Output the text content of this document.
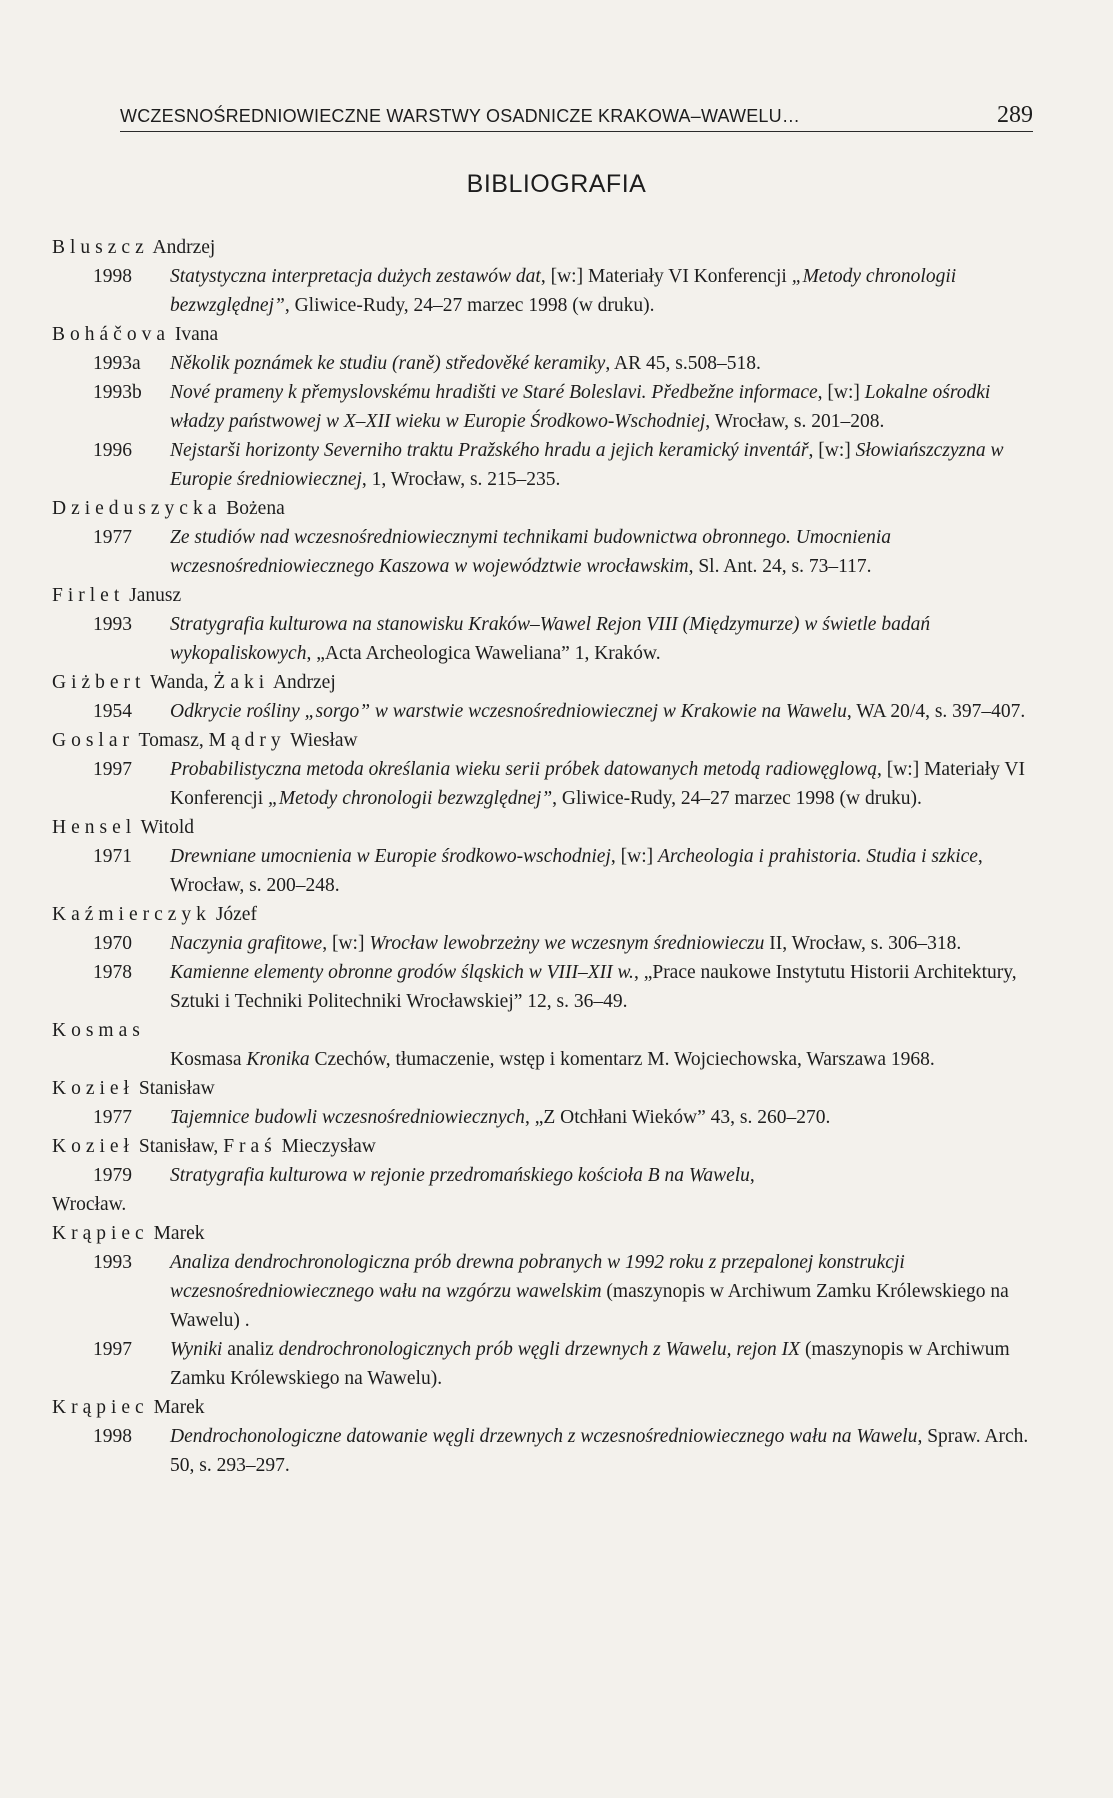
WCZESNOŚREDNIOWIECZNE WARSTWY OSADNICZE KRAKOWA–WAWELU…	289
BIBLIOGRAFIA
Bluszcz Andrzej
1998	Statystyczna interpretacja dużych zestawów dat, [w:] Materiały VI Konferencji „Metody chronologii bezwzględnej”, Gliwice-Rudy, 24–27 marzec 1998 (w druku).
Boháčova Ivana
1993a	Několik poznámek ke studiu (raně) středověké keramiky, AR 45, s.508–518.
1993b	Nové prameny k přemyslovskému hradišti ve Staré Boleslavi. Předbežne informace, [w:] Lokalne ośrodki władzy państwowej w X–XII wieku w Europie Środkowo-Wschodniej, Wrocław, s. 201–208.
1996	Nejstarši horizonty Severniho traktu Pražského hradu a jejich keramický inventář, [w:] Słowiańszczyzna w Europie średniowiecznej, 1, Wrocław, s. 215–235.
Dzieduszycka Bożena
1977	Ze studiów nad wczesnośredniowiecznymi technikami budownictwa obronnego. Umocnienia wczesnośredniowiecznego Kaszowa w województwie wrocławskim, Sl. Ant. 24, s. 73–117.
Firlet Janusz
1993	Stratygrafia kulturowa na stanowisku Kraków–Wawel Rejon VIII (Międzymurze) w świetle badań wykopaliskowych, „Acta Archeologica Waweliana” 1, Kraków.
Giżbert Wanda, Żaki Andrzej
1954	Odkrycie rośliny „sorgo” w warstwie wczesnośredniowiecznej w Krakowie na Wawelu, WA 20/4, s. 397–407.
Goslar Tomasz, Mądry Wiesław
1997	Probabilistyczna metoda określania wieku serii próbek datowanych metodą radiowęglową, [w:] Materiały VI Konferencji „Metody chronologii bezwzględnej”, Gliwice-Rudy, 24–27 marzec 1998 (w druku).
Hensel Witold
1971	Drewniane umocnienia w Europie środkowo-wschodniej, [w:] Archeologia i prahistoria. Studia i szkice, Wrocław, s. 200–248.
Kaźmierczyk Józef
1970	Naczynia grafitowe, [w:] Wrocław lewobrzeżny we wczesnym średniowieczu II, Wrocław, s. 306–318.
1978	Kamienne elementy obronne grodów śląskich w VIII–XII w., „Prace naukowe Instytutu Historii Architektury, Sztuki i Techniki Politechniki Wrocławskiej” 12, s. 36–49.
Kosmas
Kosmasa Kronika Czechów, tłumaczenie, wstęp i komentarz M. Wojciechowska, Warszawa 1968.
Kozieł Stanisław
1977	Tajemnice budowli wczesnośredniowiecznych, „Z Otchłani Wieków” 43, s. 260–270.
Kozieł Stanisław, Fraś Mieczysław
1979	Stratygrafia kulturowa w rejonie przedromańskiego kościoła B na Wawelu,
Wrocław.
Krąpiec Marek
1993	Analiza dendrochronologiczna prób drewna pobranych w 1992 roku z przepalonej konstrukcji wczesnośredniowiecznego wału na wzgórzu wawelskim (maszynopis w Archiwum Zamku Królewskiego na Wawelu) .
1997	Wyniki analiz dendrochronologicznych prób węgli drzewnych z Wawelu, rejon IX (maszynopis w Archiwum Zamku Królewskiego na Wawelu).
Krąpiec Marek
1998	Dendrochonologiczne datowanie węgli drzewnych z wczesnośredniowiecznego wału na Wawelu, Spraw. Arch. 50, s. 293–297.
